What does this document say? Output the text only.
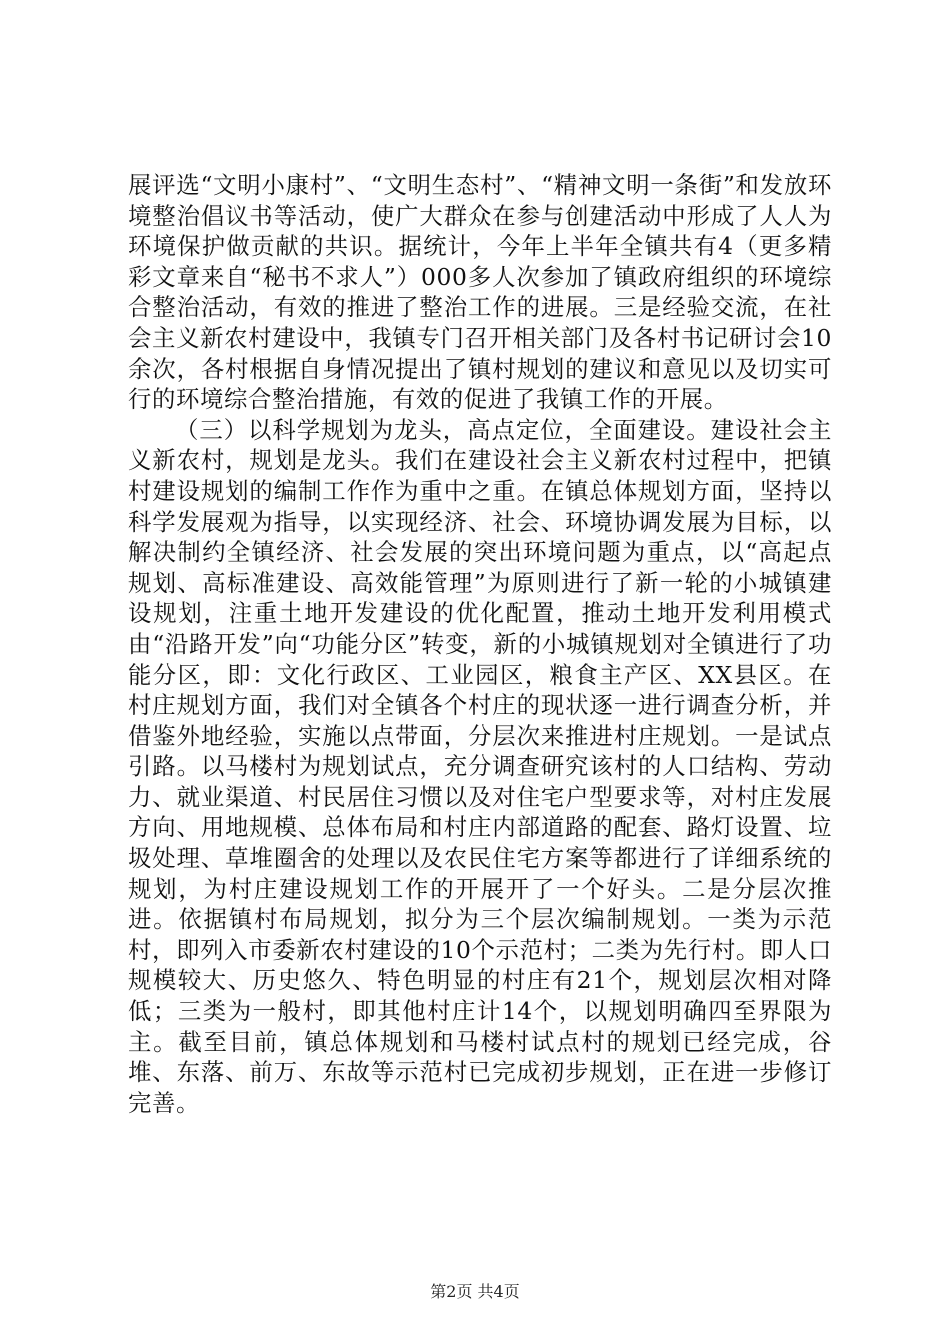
展评选“文明小康村”、“文明生态村”、“精神文明一条街”和发放环境整治倡议书等活动，使广大群众在参与创建活动中形成了人人为环境保护做贡献的共识。据统计，今年上半年全镇共有4（更多精彩文章来自“秘书不求人”）000多人次参加了镇政府组织的环境综合整治活动，有效的推进了整治工作的进展。三是经验交流，在社会主义新农村建设中，我镇专门召开相关部门及各村书记研讨会10余次，各村根据自身情况提出了镇村规划的建议和意见以及切实可行的环境综合整治措施，有效的促进了我镇工作的开展。

（三）以科学规划为龙头，高点定位，全面建设。建设社会主义新农村，规划是龙头。我们在建设社会主义新农村过程中，把镇村建设规划的编制工作作为重中之重。在镇总体规划方面，坚持以科学发展观为指导，以实现经济、社会、环境协调发展为目标，以解决制约全镇经济、社会发展的突出环境问题为重点，以“高起点规划、高标准建设、高效能管理”为原则进行了新一轮的小城镇建设规划，注重土地开发建设的优化配置，推动土地开发利用模式由“沿路开发”向“功能分区”转变，新的小城镇规划对全镇进行了功能分区，即：文化行政区、工业园区，粮食主产区、XX县区。在村庄规划方面，我们对全镇各个村庄的现状逐一进行调查分析，并借鉴外地经验，实施以点带面，分层次来推进村庄规划。一是试点引路。以马楼村为规划试点，充分调查研究该村的人口结构、劳动力、就业渠道、村民居住习惯以及对住宅户型要求等，对村庄发展方向、用地规模、总体布局和村庄内部道路的配套、路灯设置、垃圾处理、草堆圈舍的处理以及农民住宅方案等都进行了详细系统的规划，为村庄建设规划工作的开展开了一个好头。二是分层次推进。依据镇村布局规划，拟分为三个层次编制规划。一类为示范村，即列入市委新农村建设的10个示范村；二类为先行村。即人口规模较大、历史悠久、特色明显的村庄有21个，规划层次相对降低；三类为一般村，即其他村庄计14个，以规划明确四至界限为主。截至目前，镇总体规划和马楼村试点村的规划已经完成，谷堆、东落、前万、东故等示范村已完成初步规划，正在进一步修订完善。

第2页 共4页
